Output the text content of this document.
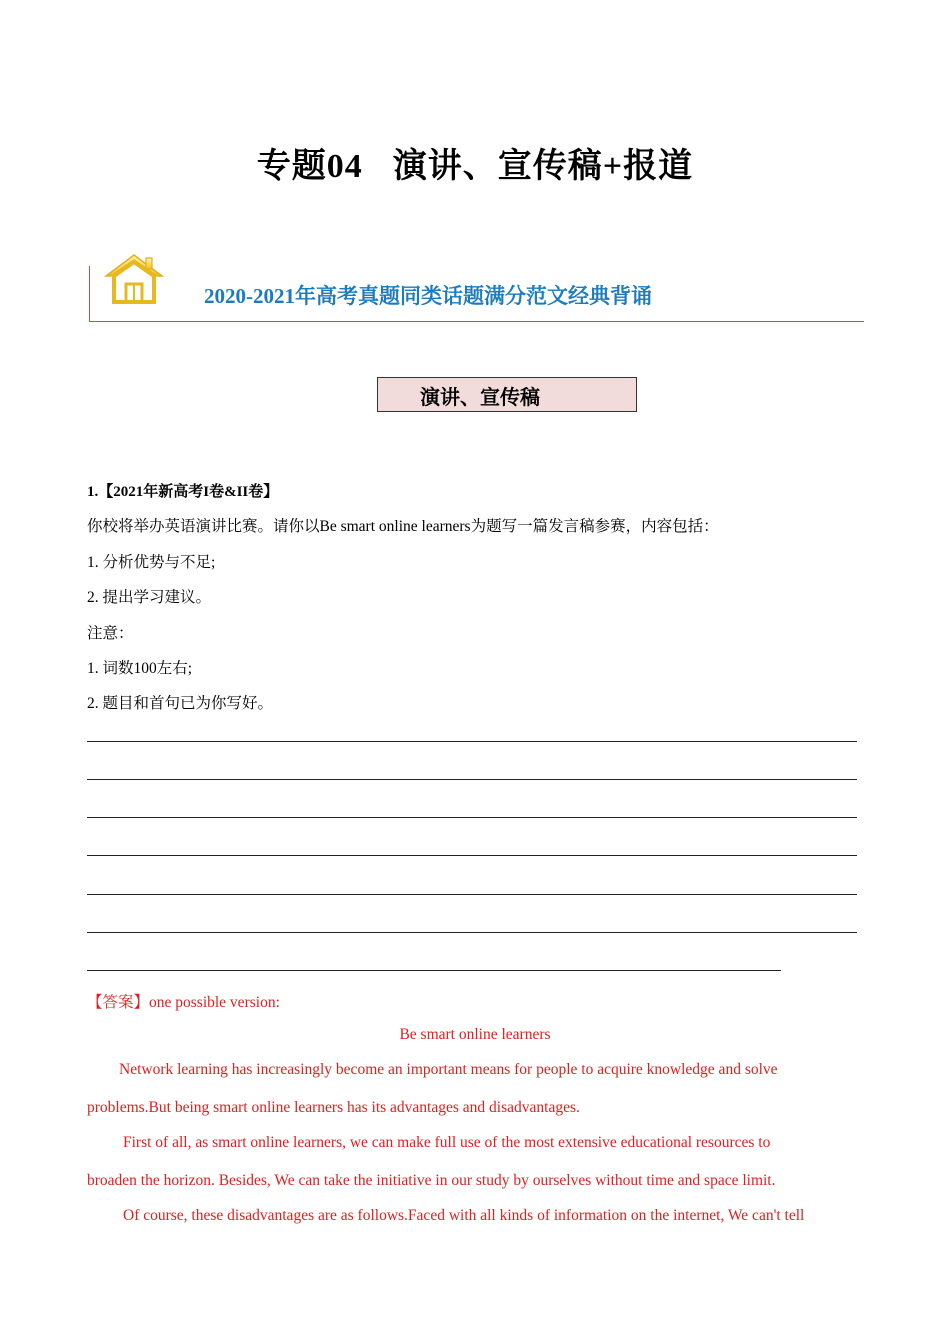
专题04 演讲、宣传稿+报道
2020-2021年高考真题同类话题满分范文经典背诵
演讲、宣传稿
1.【2021年新高考I卷&II卷】
你校将举办英语演讲比赛。请你以Be smart online learners为题写一篇发言稿参赛，内容包括：
1. 分析优势与不足;
2. 提出学习建议。
注意：
1. 词数100左右;
2. 题目和首句已为你写好。
【答案】one possible version:
Be smart online learners
Network learning has increasingly become an important means for people to acquire knowledge and solve
problems.But being smart online learners has its advantages and disadvantages.
First of all, as smart online learners, we can make full use of the most extensive educational resources to
broaden the horizon. Besides, We can take the initiative in our study by ourselves without time and space limit.
Of course, these disadvantages are as follows.Faced with all kinds of information on the internet, We can't tell
